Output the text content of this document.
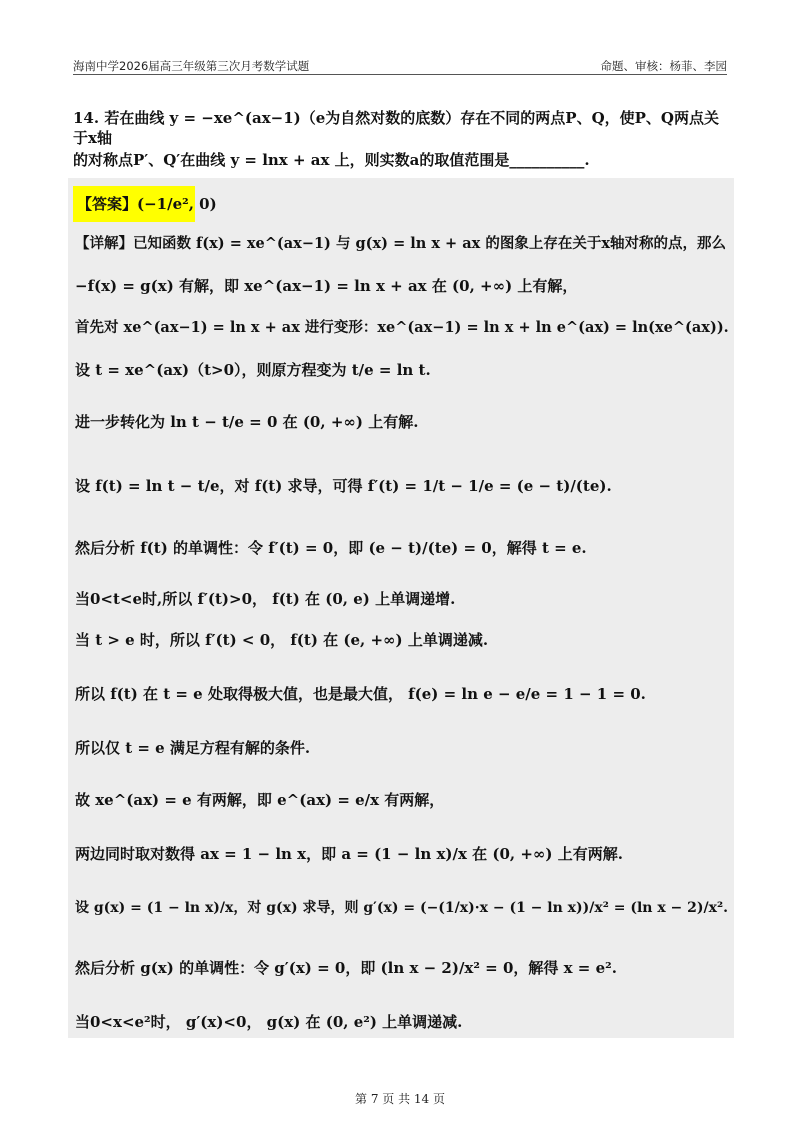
海南中学2026届高三年级第三次月考数学试题	命题、审核：杨菲、李园
14. 若在曲线 y = −xe^(ax−1)（e为自然对数的底数）存在不同的两点P、Q，使P、Q两点关于x轴
的对称点P′、Q′在曲线 y = lnx + ax 上，则实数a的取值范围是__________.
【答案】(−1/e², 0)
【详解】已知函数 f(x) = xe^(ax−1) 与 g(x) = ln x + ax 的图象上存在关于x轴对称的点，那么
−f(x) = g(x) 有解，即 xe^(ax−1) = ln x + ax 在 (0, +∞) 上有解，
首先对 xe^(ax−1) = ln x + ax 进行变形：xe^(ax−1) = ln x + ln e^(ax) = ln(xe^(ax)).
设 t = xe^(ax)（t>0），则原方程变为 t/e = ln t.
进一步转化为 ln t − t/e = 0 在 (0, +∞) 上有解.
设 f(t) = ln t − t/e，对 f(t) 求导，可得 f′(t) = 1/t − 1/e = (e − t)/(te).
然后分析 f(t) 的单调性：令 f′(t) = 0，即 (e − t)/(te) = 0，解得 t = e.
当0<t<e时,所以 f′(t)>0， f(t) 在 (0, e) 上单调递增.
当 t > e 时，所以 f′(t) < 0， f(t) 在 (e, +∞) 上单调递减.
所以 f(t) 在 t = e 处取得极大值，也是最大值， f(e) = ln e − e/e = 1 − 1 = 0.
所以仅 t = e 满足方程有解的条件.
故 xe^(ax) = e 有两解，即 e^(ax) = e/x 有两解，
两边同时取对数得 ax = 1 − ln x，即 a = (1 − ln x)/x 在 (0, +∞) 上有两解.
设 g(x) = (1 − ln x)/x，对 g(x) 求导，则 g′(x) = (−(1/x)·x − (1 − ln x))/x² = (ln x − 2)/x².
然后分析 g(x) 的单调性：令 g′(x) = 0，即 (ln x − 2)/x² = 0，解得 x = e².
当0<x<e²时， g′(x)<0， g(x) 在 (0, e²) 上单调递减.
第 7 页 共 14 页
